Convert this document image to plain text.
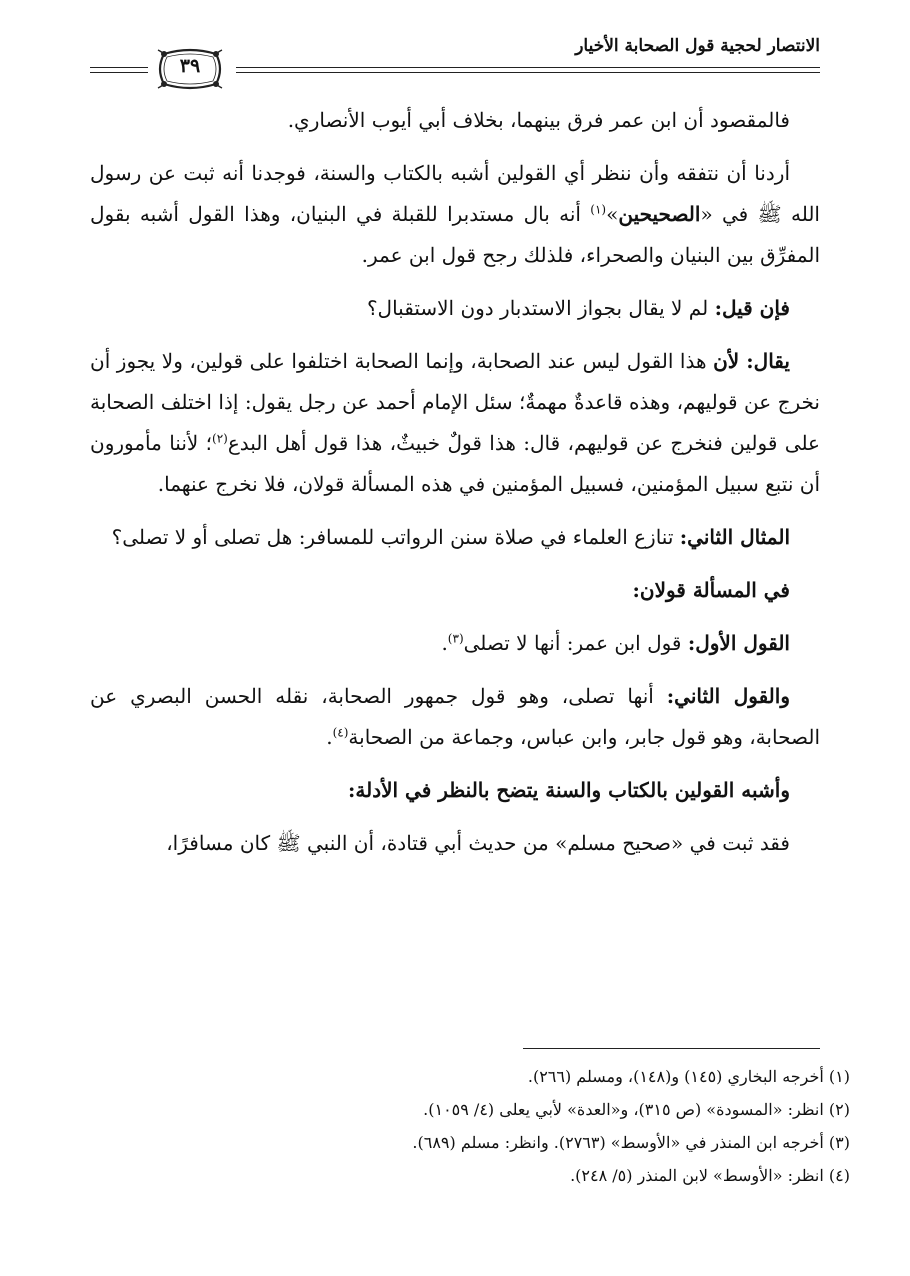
الانتصار لحجية قول الصحابة الأخيار
٣٩

فالمقصود أن ابن عمر فرق بينهما، بخلاف أبي أيوب الأنصاري.

أردنا أن نتفقه وأن ننظر أي القولين أشبه بالكتاب والسنة، فوجدنا أنه ثبت عن رسول الله ﷺ في «الصحيحين»$^{(١)}$ أنه بال مستدبرا للقبلة في البنيان، وهذا القول أشبه بقول المفرِّق بين البنيان والصحراء، فلذلك رجح قول ابن عمر.

فإن قيل: لم لا يقال بجواز الاستدبار دون الاستقبال؟

يقال: لأن هذا القول ليس عند الصحابة، وإنما الصحابة اختلفوا على قولين، ولا يجوز أن نخرج عن قوليهم، وهذه قاعدةٌ مهمةٌ؛ سئل الإمام أحمد عن رجل يقول: إذا اختلف الصحابة على قولين فنخرج عن قوليهم، قال: هذا قولٌ خبيثٌ، هذا قول أهل البدع$^{(٢)}$؛ لأننا مأمورون أن نتبع سبيل المؤمنين، فسبيل المؤمنين في هذه المسألة قولان، فلا نخرج عنهما.

المثال الثاني: تنازع العلماء في صلاة سنن الرواتب للمسافر: هل تصلى أو لا تصلى؟

في المسألة قولان:

القول الأول: قول ابن عمر: أنها لا تصلى$^{(٣)}$.

والقول الثاني: أنها تصلى، وهو قول جمهور الصحابة، نقله الحسن البصري عن الصحابة، وهو قول جابر، وابن عباس، وجماعة من الصحابة$^{(٤)}$.

وأشبه القولين بالكتاب والسنة يتضح بالنظر في الأدلة:

فقد ثبت في «صحيح مسلم» من حديث أبي قتادة، أن النبي ﷺ كان مسافرًا،

(١) أخرجه البخاري (١٤٥) و(١٤٨)، ومسلم (٢٦٦).

(٢) انظر: «المسودة» (ص ٣١٥)، و«العدة» لأبي يعلى (٤/ ١٠٥٩).

(٣) أخرجه ابن المنذر في «الأوسط» (٢٧٦٣). وانظر: مسلم (٦٨٩).

(٤) انظر: «الأوسط» لابن المنذر (٥/ ٢٤٨).
